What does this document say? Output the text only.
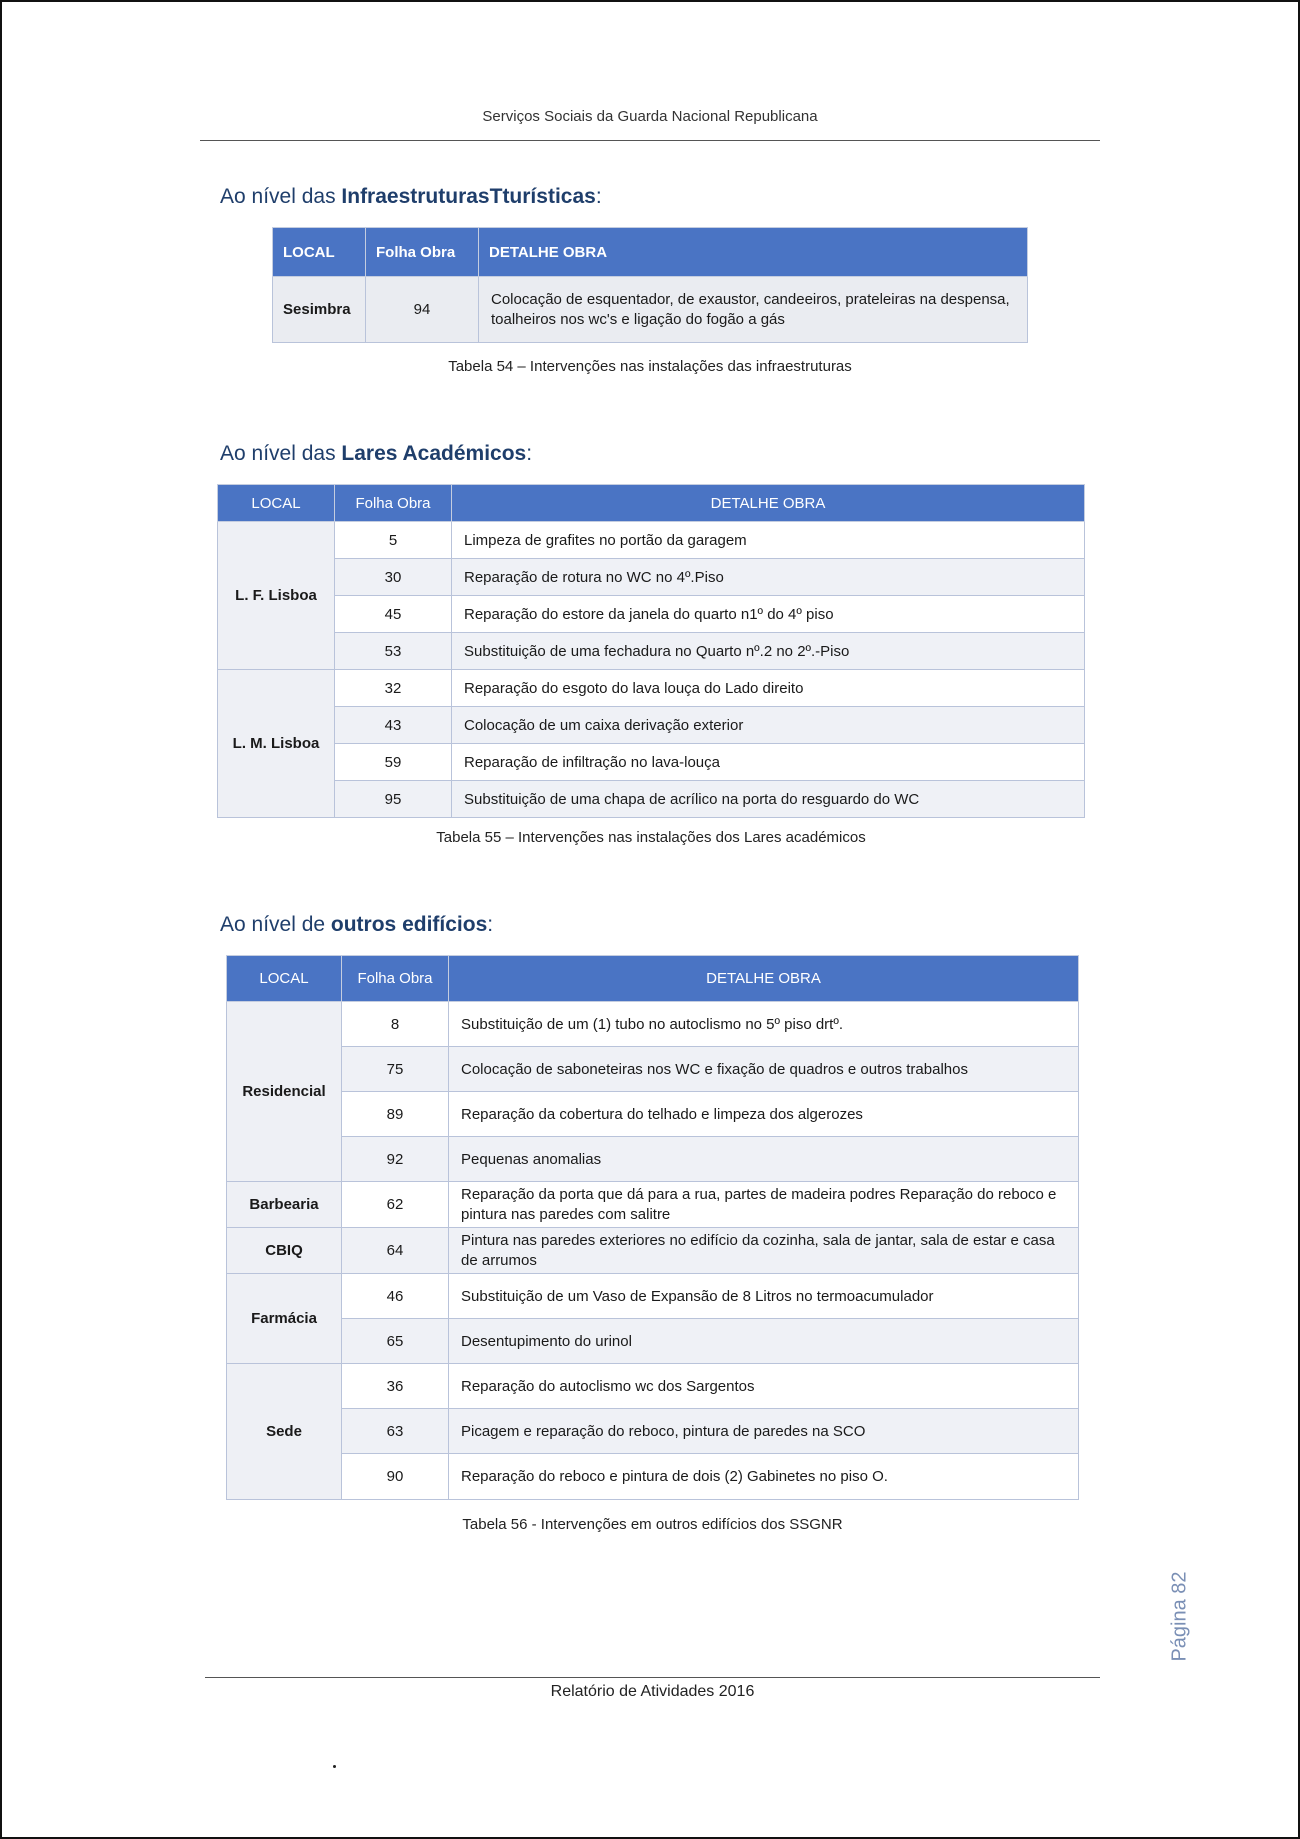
Serviços Sociais da Guarda Nacional Republicana
Ao nível das InfraestruturasTturísticas:
LOCAL	Folha Obra	DETALHE OBRA
Sesimbra	94	Colocação de esquentador, de exaustor, candeeiros, prateleiras na despensa, toalheiros nos wc's e ligação do fogão a gás
Tabela 54 – Intervenções nas instalações das infraestruturas
Ao nível das Lares Académicos:
LOCAL	Folha Obra	DETALHE OBRA
L. F. Lisboa	5	Limpeza de grafites no portão da garagem
	30	Reparação de rotura no WC no 4º.Piso
	45	Reparação do estore da janela do quarto n1º do 4º piso
	53	Substituição de uma fechadura no Quarto nº.2 no 2º.-Piso
L. M. Lisboa	32	Reparação do esgoto do lava louça do Lado direito
	43	Colocação de um caixa derivação exterior
	59	Reparação de infiltração no lava-louça
	95	Substituição de uma chapa de acrílico na porta do resguardo do WC
Tabela 55 – Intervenções nas instalações dos Lares académicos
Ao nível de outros edifícios:
LOCAL	Folha Obra	DETALHE OBRA
Residencial	8	Substituição de um (1) tubo no autoclismo no 5º piso drtº.
	75	Colocação de saboneteiras nos WC e fixação de quadros e outros trabalhos
	89	Reparação da cobertura do telhado e limpeza dos algerozes
	92	Pequenas anomalias
Barbearia	62	Reparação da porta que dá para a rua, partes de madeira podres Reparação do reboco e pintura nas paredes com salitre
CBIQ	64	Pintura nas paredes exteriores no edifício da cozinha, sala de jantar, sala de estar e casa de arrumos
Farmácia	46	Substituição de um Vaso de Expansão de 8 Litros no termoacumulador
	65	Desentupimento do urinol
Sede	36	Reparação do autoclismo wc dos Sargentos
	63	Picagem e reparação do reboco, pintura de paredes na SCO
	90	Reparação do reboco e pintura de dois (2) Gabinetes no piso O.
Tabela 56 - Intervenções em outros edifícios dos SSGNR
Página 82
Relatório de Atividades 2016
